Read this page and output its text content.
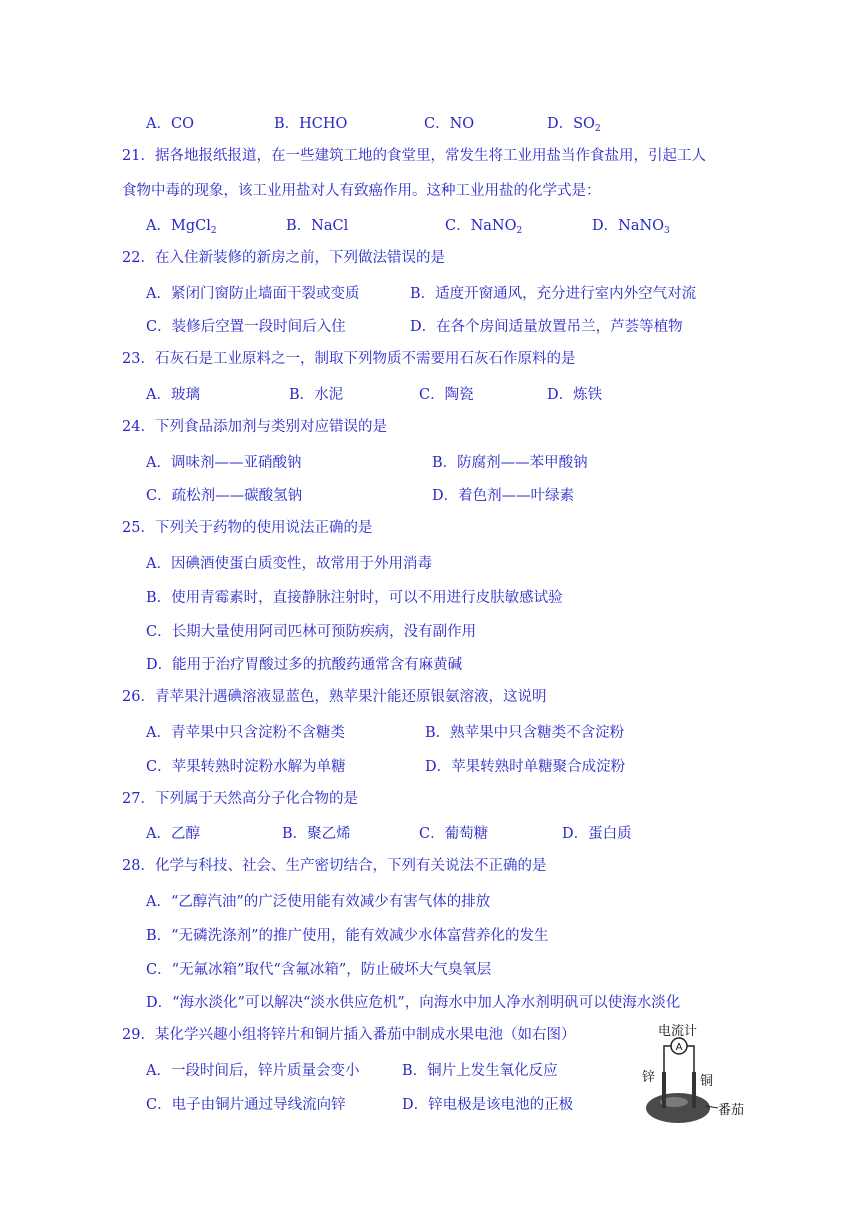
A．CO	B．HCHO	C．NO	D．$SO_2$
21．据各地报纸报道，在一些建筑工地的食堂里，常发生将工业用盐当作食盐用，引起工人
食物中毒的现象，该工业用盐对人有致癌作用。这种工业用盐的化学式是：
A．MgCl$_2$	B．NaCl	C．NaNO$_2$	D．NaNO$_3$
22．在入住新装修的新房之前，下列做法错误的是
A．紧闭门窗防止墙面干裂或变质	B．适度开窗通风，充分进行室内外空气对流
C．装修后空置一段时间后入住	D．在各个房间适量放置吊兰，芦荟等植物
23．石灰石是工业原料之一，制取下列物质不需要用石灰石作原料的是
A．玻璃	B．水泥	C．陶瓷	D．炼铁
24．下列食品添加剂与类别对应错误的是
A．调味剂——亚硝酸钠	B．防腐剂——苯甲酸钠
C．疏松剂——碳酸氢钠	D．着色剂——叶绿素
25．下列关于药物的使用说法正确的是
A．因碘酒使蛋白质变性，故常用于外用消毒
B．使用青霉素时，直接静脉注射时，可以不用进行皮肤敏感试验
C．长期大量使用阿司匹林可预防疾病，没有副作用
D．能用于治疗胃酸过多的抗酸药通常含有麻黄碱
26．青苹果汁遇碘溶液显蓝色，熟苹果汁能还原银氨溶液，这说明
A．青苹果中只含淀粉不含糖类	B．熟苹果中只含糖类不含淀粉
C．苹果转熟时淀粉水解为单糖	D．苹果转熟时单糖聚合成淀粉
27．下列属于天然高分子化合物的是
A．乙醇	B．聚乙烯	C．葡萄糖	D．蛋白质
28．化学与科技、社会、生产密切结合，下列有关说法不正确的是
A．“乙醇汽油”的广泛使用能有效减少有害气体的排放
B．“无磷洗涤剂”的推广使用，能有效减少水体富营养化的发生
C．“无氟冰箱”取代“含氟冰箱”，防止破坏大气臭氧层
D．“海水淡化”可以解决“淡水供应危机”，向海水中加人净水剂明矾可以使海水淡化
29．某化学兴趣小组将锌片和铜片插入番茄中制成水果电池（如右图）
A．一段时间后，锌片质量会变小	B．铜片上发生氧化反应
C．电子由铜片通过导线流向锌	D．锌电极是该电池的正极
A
电流计
锌	铜
番茄
